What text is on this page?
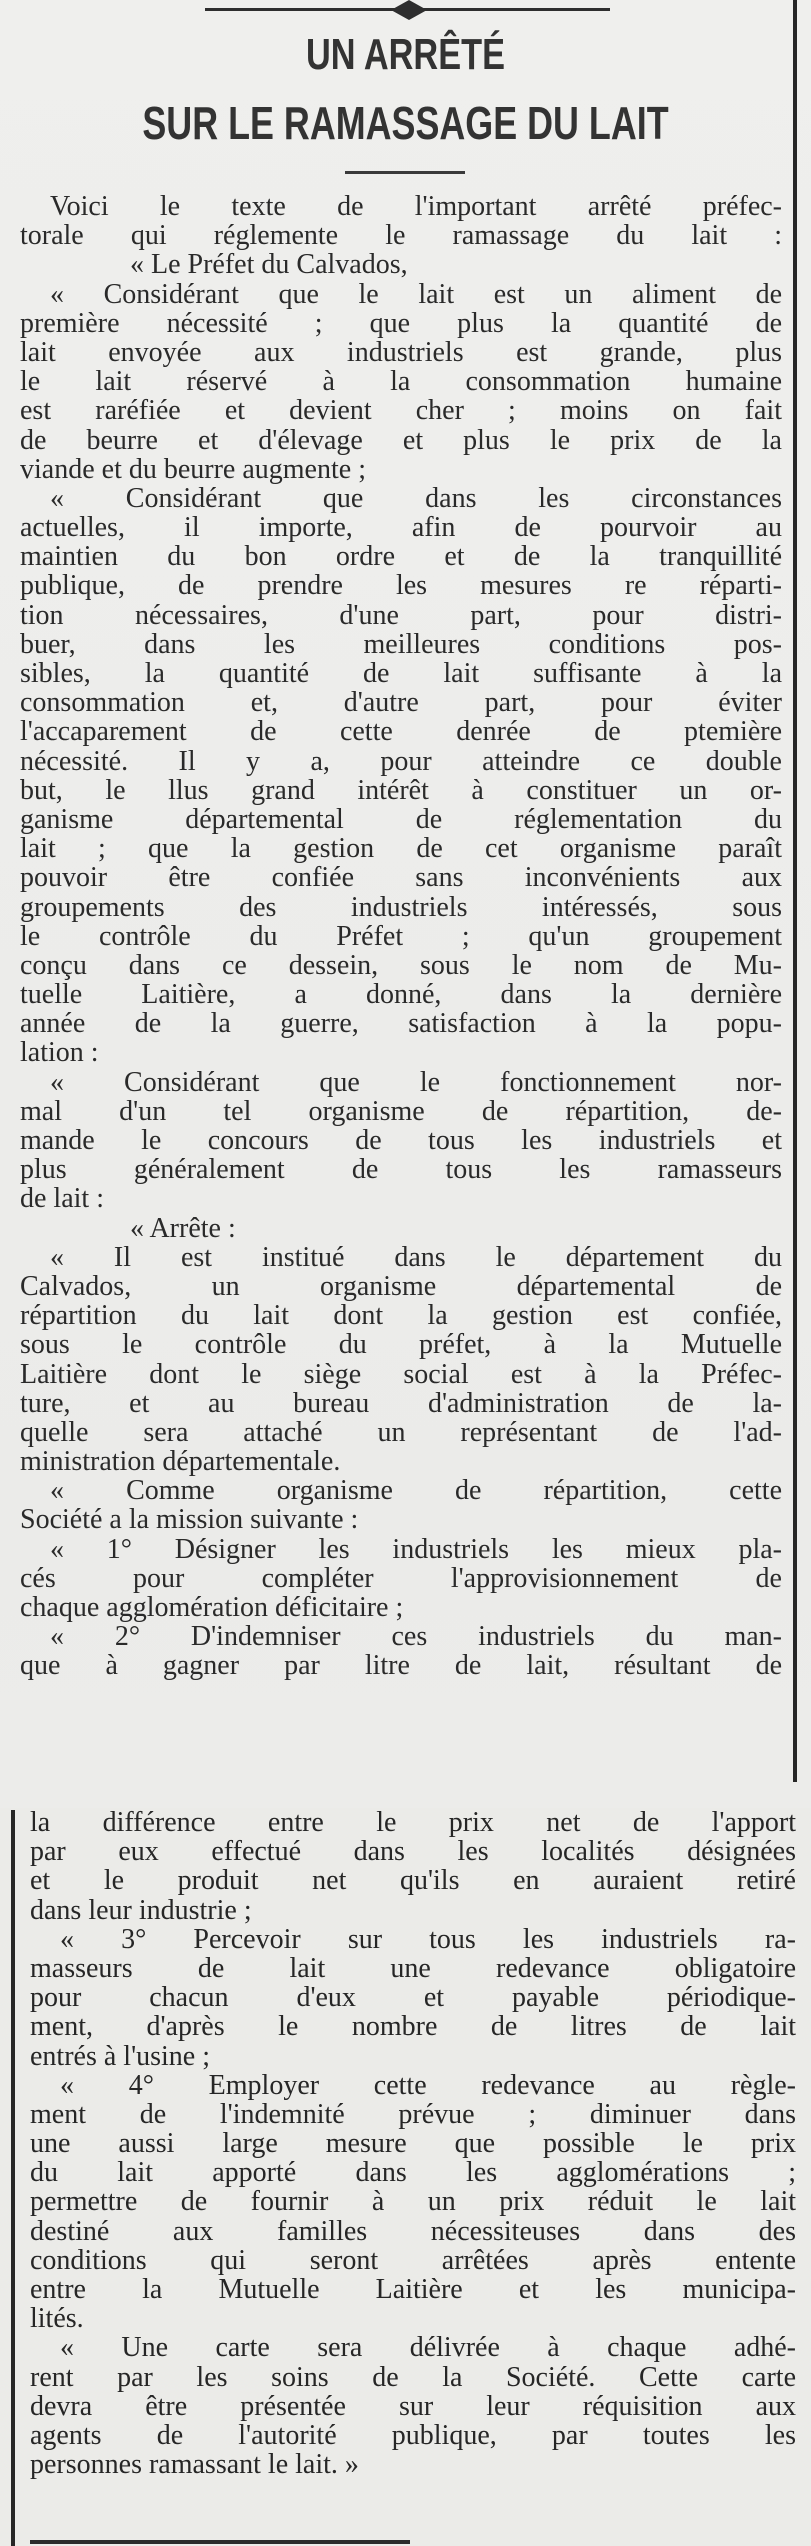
UN ARRÊTÉ
SUR LE RAMASSAGE DU LAIT
Voici le texte de l'important arrêté préfec-
torale qui réglemente le ramassage du lait :
« Le Préfet du Calvados,
« Considérant que le lait est un aliment de
première nécessité ; que plus la quantité de
lait envoyée aux industriels est grande, plus
le lait réservé à la consommation humaine
est raréfiée et devient cher ; moins on fait
de beurre et d'élevage et plus le prix de la
viande et du beurre augmente ;
« Considérant que dans les circonstances
actuelles, il importe, afin de pourvoir au
maintien du bon ordre et de la tranquillité
publique, de prendre les mesures re réparti-
tion nécessaires, d'une part, pour distri-
buer, dans les meilleures conditions pos-
sibles, la quantité de lait suffisante à la
consommation et, d'autre part, pour éviter
l'accaparement de cette denrée de ptemière
nécessité. Il y a, pour atteindre ce double
but, le llus grand intérêt à constituer un or-
ganisme départemental de réglementation du
lait ; que la gestion de cet organisme paraît
pouvoir être confiée sans inconvénients aux
groupements des industriels intéressés, sous
le contrôle du Préfet ; qu'un groupement
conçu dans ce dessein, sous le nom de Mu-
tuelle Laitière, a donné, dans la dernière
année de la guerre, satisfaction à la popu-
lation :
« Considérant que le fonctionnement nor-
mal d'un tel organisme de répartition, de-
mande le concours de tous les industriels et
plus généralement de tous les ramasseurs
de lait :
« Arrête :
« Il est institué dans le département du
Calvados, un organisme départemental de
répartition du lait dont la gestion est confiée,
sous le contrôle du préfet, à la Mutuelle
Laitière dont le siège social est à la Préfec-
ture, et au bureau d'administration de la-
quelle sera attaché un représentant de l'ad-
ministration départementale.
« Comme organisme de répartition, cette
Société a la mission suivante :
« 1° Désigner les industriels les mieux pla-
cés pour compléter l'approvisionnement de
chaque agglomération déficitaire ;
« 2° D'indemniser ces industriels du man-
que à gagner par litre de lait, résultant de
la différence entre le prix net de l'apport
par eux effectué dans les localités désignées
et le produit net qu'ils en auraient retiré
dans leur industrie ;
« 3° Percevoir sur tous les industriels ra-
masseurs de lait une redevance obligatoire
pour chacun d'eux et payable périodique-
ment, d'après le nombre de litres de lait
entrés à l'usine ;
« 4° Employer cette redevance au règle-
ment de l'indemnité prévue ; diminuer dans
une aussi large mesure que possible le prix
du lait apporté dans les agglomérations ;
permettre de fournir à un prix réduit le lait
destiné aux familles nécessiteuses dans des
conditions qui seront arrêtées après entente
entre la Mutuelle Laitière et les municipa-
lités.
« Une carte sera délivrée à chaque adhé-
rent par les soins de la Société. Cette carte
devra être présentée sur leur réquisition aux
agents de l'autorité publique, par toutes les
personnes ramassant le lait. »
